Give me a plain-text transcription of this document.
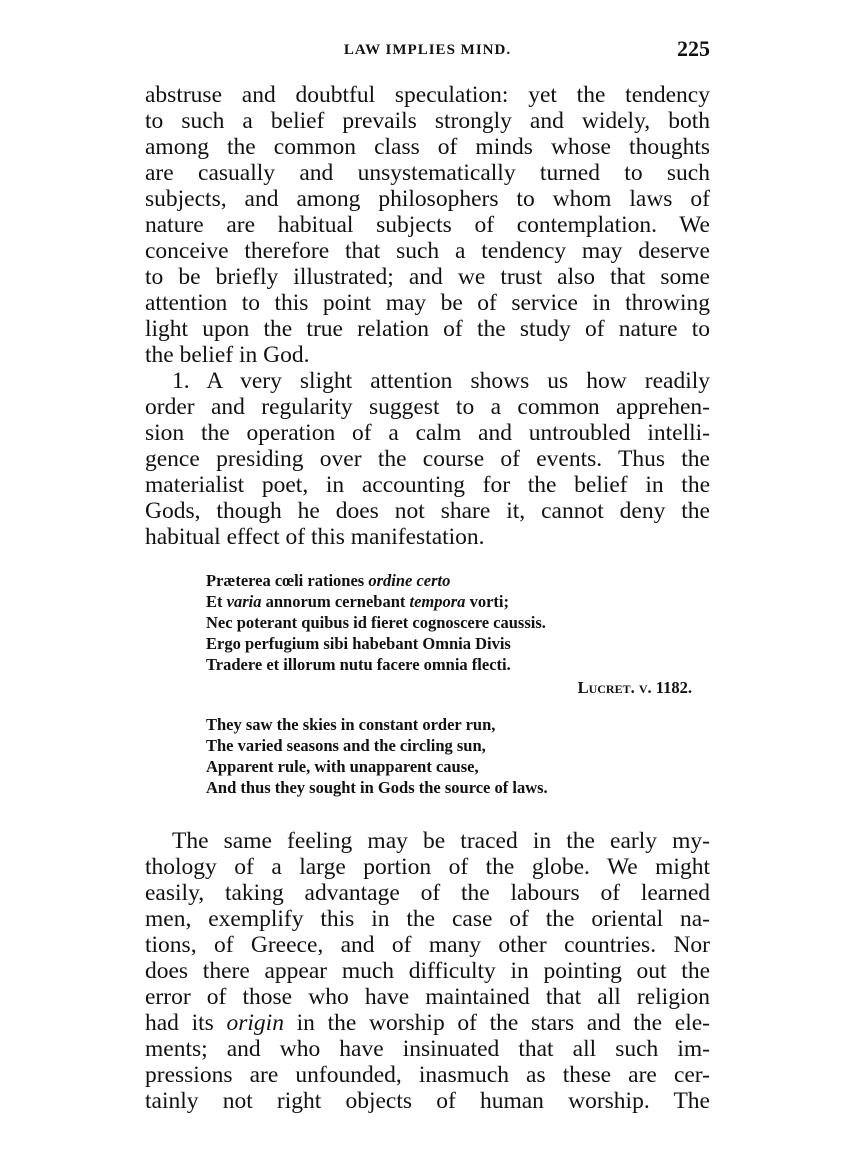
LAW IMPLIES MIND.	225
abstruse and doubtful speculation: yet the tendency
to such a belief prevails strongly and widely, both
among the common class of minds whose thoughts
are casually and unsystematically turned to such
subjects, and among philosophers to whom laws of
nature are habitual subjects of contemplation. We
conceive therefore that such a tendency may deserve
to be briefly illustrated; and we trust also that some
attention to this point may be of service in throwing
light upon the true relation of the study of nature to
the belief in God.
1. A very slight attention shows us how readily
order and regularity suggest to a common apprehen-
sion the operation of a calm and untroubled intelli-
gence presiding over the course of events. Thus the
materialist poet, in accounting for the belief in the
Gods, though he does not share it, cannot deny the
habitual effect of this manifestation.
Præterea cœli rationes ordine certo
Et varia annorum cernebant tempora vorti;
Nec poterant quibus id fieret cognoscere caussis.
Ergo perfugium sibi habebant Omnia Divis
Tradere et illorum nutu facere omnia flecti.
Lucret. v. 1182.
They saw the skies in constant order run,
The varied seasons and the circling sun,
Apparent rule, with unapparent cause,
And thus they sought in Gods the source of laws.
The same feeling may be traced in the early my-
thology of a large portion of the globe. We might
easily, taking advantage of the labours of learned
men, exemplify this in the case of the oriental na-
tions, of Greece, and of many other countries. Nor
does there appear much difficulty in pointing out the
error of those who have maintained that all religion
had its origin in the worship of the stars and the ele-
ments; and who have insinuated that all such im-
pressions are unfounded, inasmuch as these are cer-
tainly not right objects of human worship. The
